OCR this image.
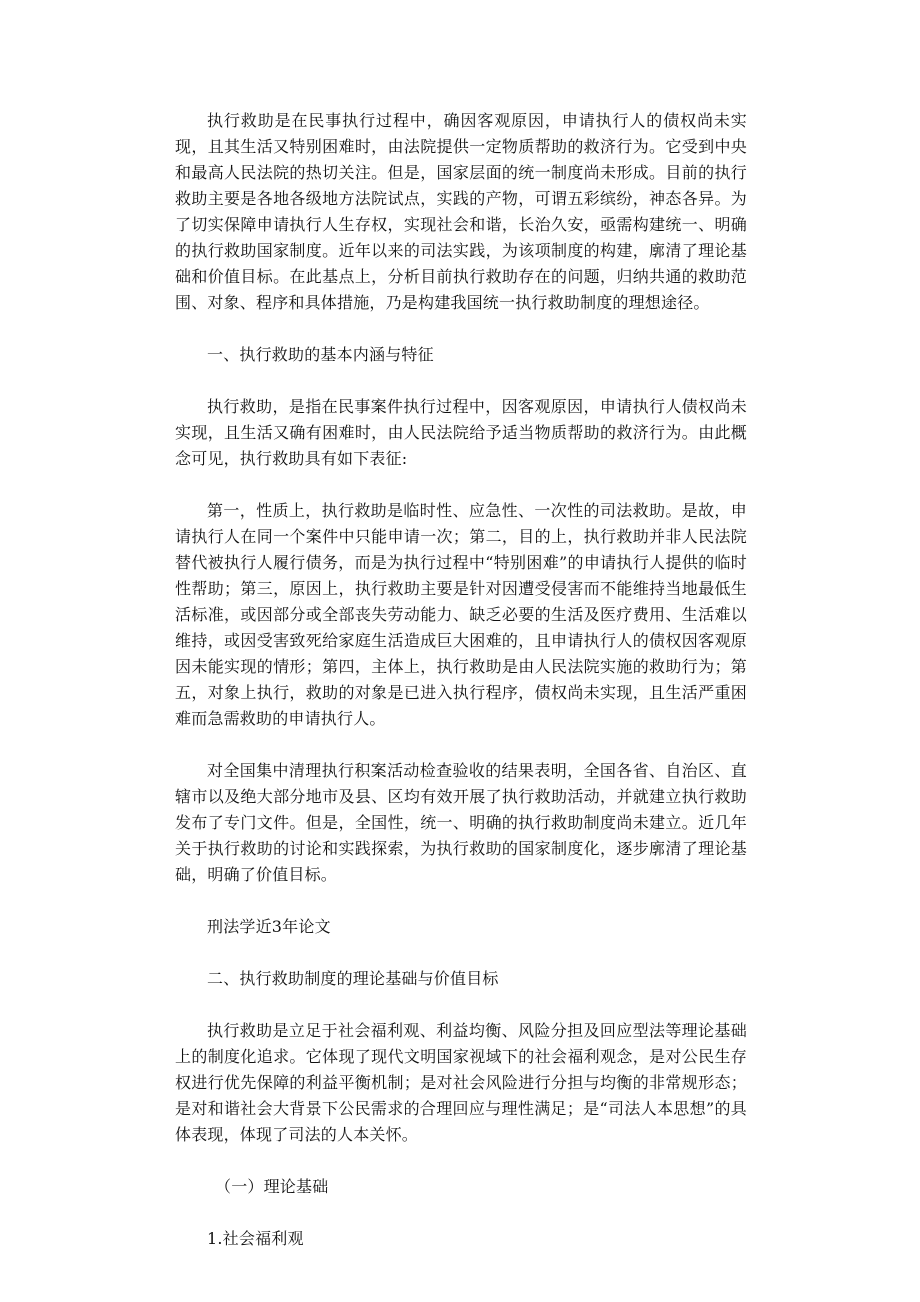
执行救助是在民事执行过程中，确因客观原因，申请执行人的债权尚未实现，且其生活又特别困难时，由法院提供一定物质帮助的救济行为。它受到中央和最高人民法院的热切关注。但是，国家层面的统一制度尚未形成。目前的执行救助主要是各地各级地方法院试点，实践的产物，可谓五彩缤纷，神态各异。为了切实保障申请执行人生存权，实现社会和谐，长治久安，亟需构建统一、明确的执行救助国家制度。近年以来的司法实践，为该项制度的构建，廓清了理论基础和价值目标。在此基点上，分析目前执行救助存在的问题，归纳共通的救助范围、对象、程序和具体措施，乃是构建我国统一执行救助制度的理想途径。

一、执行救助的基本内涵与特征

执行救助，是指在民事案件执行过程中，因客观原因，申请执行人债权尚未实现，且生活又确有困难时，由人民法院给予适当物质帮助的救济行为。由此概念可见，执行救助具有如下表征:

第一，性质上，执行救助是临时性、应急性、一次性的司法救助。是故，申请执行人在同一个案件中只能申请一次；第二，目的上，执行救助并非人民法院替代被执行人履行债务，而是为执行过程中“特别困难”的申请执行人提供的临时性帮助；第三，原因上，执行救助主要是针对因遭受侵害而不能维持当地最低生活标准，或因部分或全部丧失劳动能力、缺乏必要的生活及医疗费用、生活难以维持，或因受害致死给家庭生活造成巨大困难的，且申请执行人的债权因客观原因未能实现的情形；第四，主体上，执行救助是由人民法院实施的救助行为；第五，对象上执行，救助的对象是已进入执行程序，债权尚未实现，且生活严重困难而急需救助的申请执行人。

对全国集中清理执行积案活动检查验收的结果表明，全国各省、自治区、直辖市以及绝大部分地市及县、区均有效开展了执行救助活动，并就建立执行救助发布了专门文件。但是，全国性，统一、明确的执行救助制度尚未建立。近几年关于执行救助的讨论和实践探索，为执行救助的国家制度化，逐步廓清了理论基础，明确了价值目标。

刑法学近3年论文

二、执行救助制度的理论基础与价值目标

执行救助是立足于社会福利观、利益均衡、风险分担及回应型法等理论基础上的制度化追求。它体现了现代文明国家视域下的社会福利观念，是对公民生存权进行优先保障的利益平衡机制；是对社会风险进行分担与均衡的非常规形态；是对和谐社会大背景下公民需求的合理回应与理性满足；是“司法人本思想”的具体表现，体现了司法的人本关怀。

（一）理论基础

1.社会福利观
